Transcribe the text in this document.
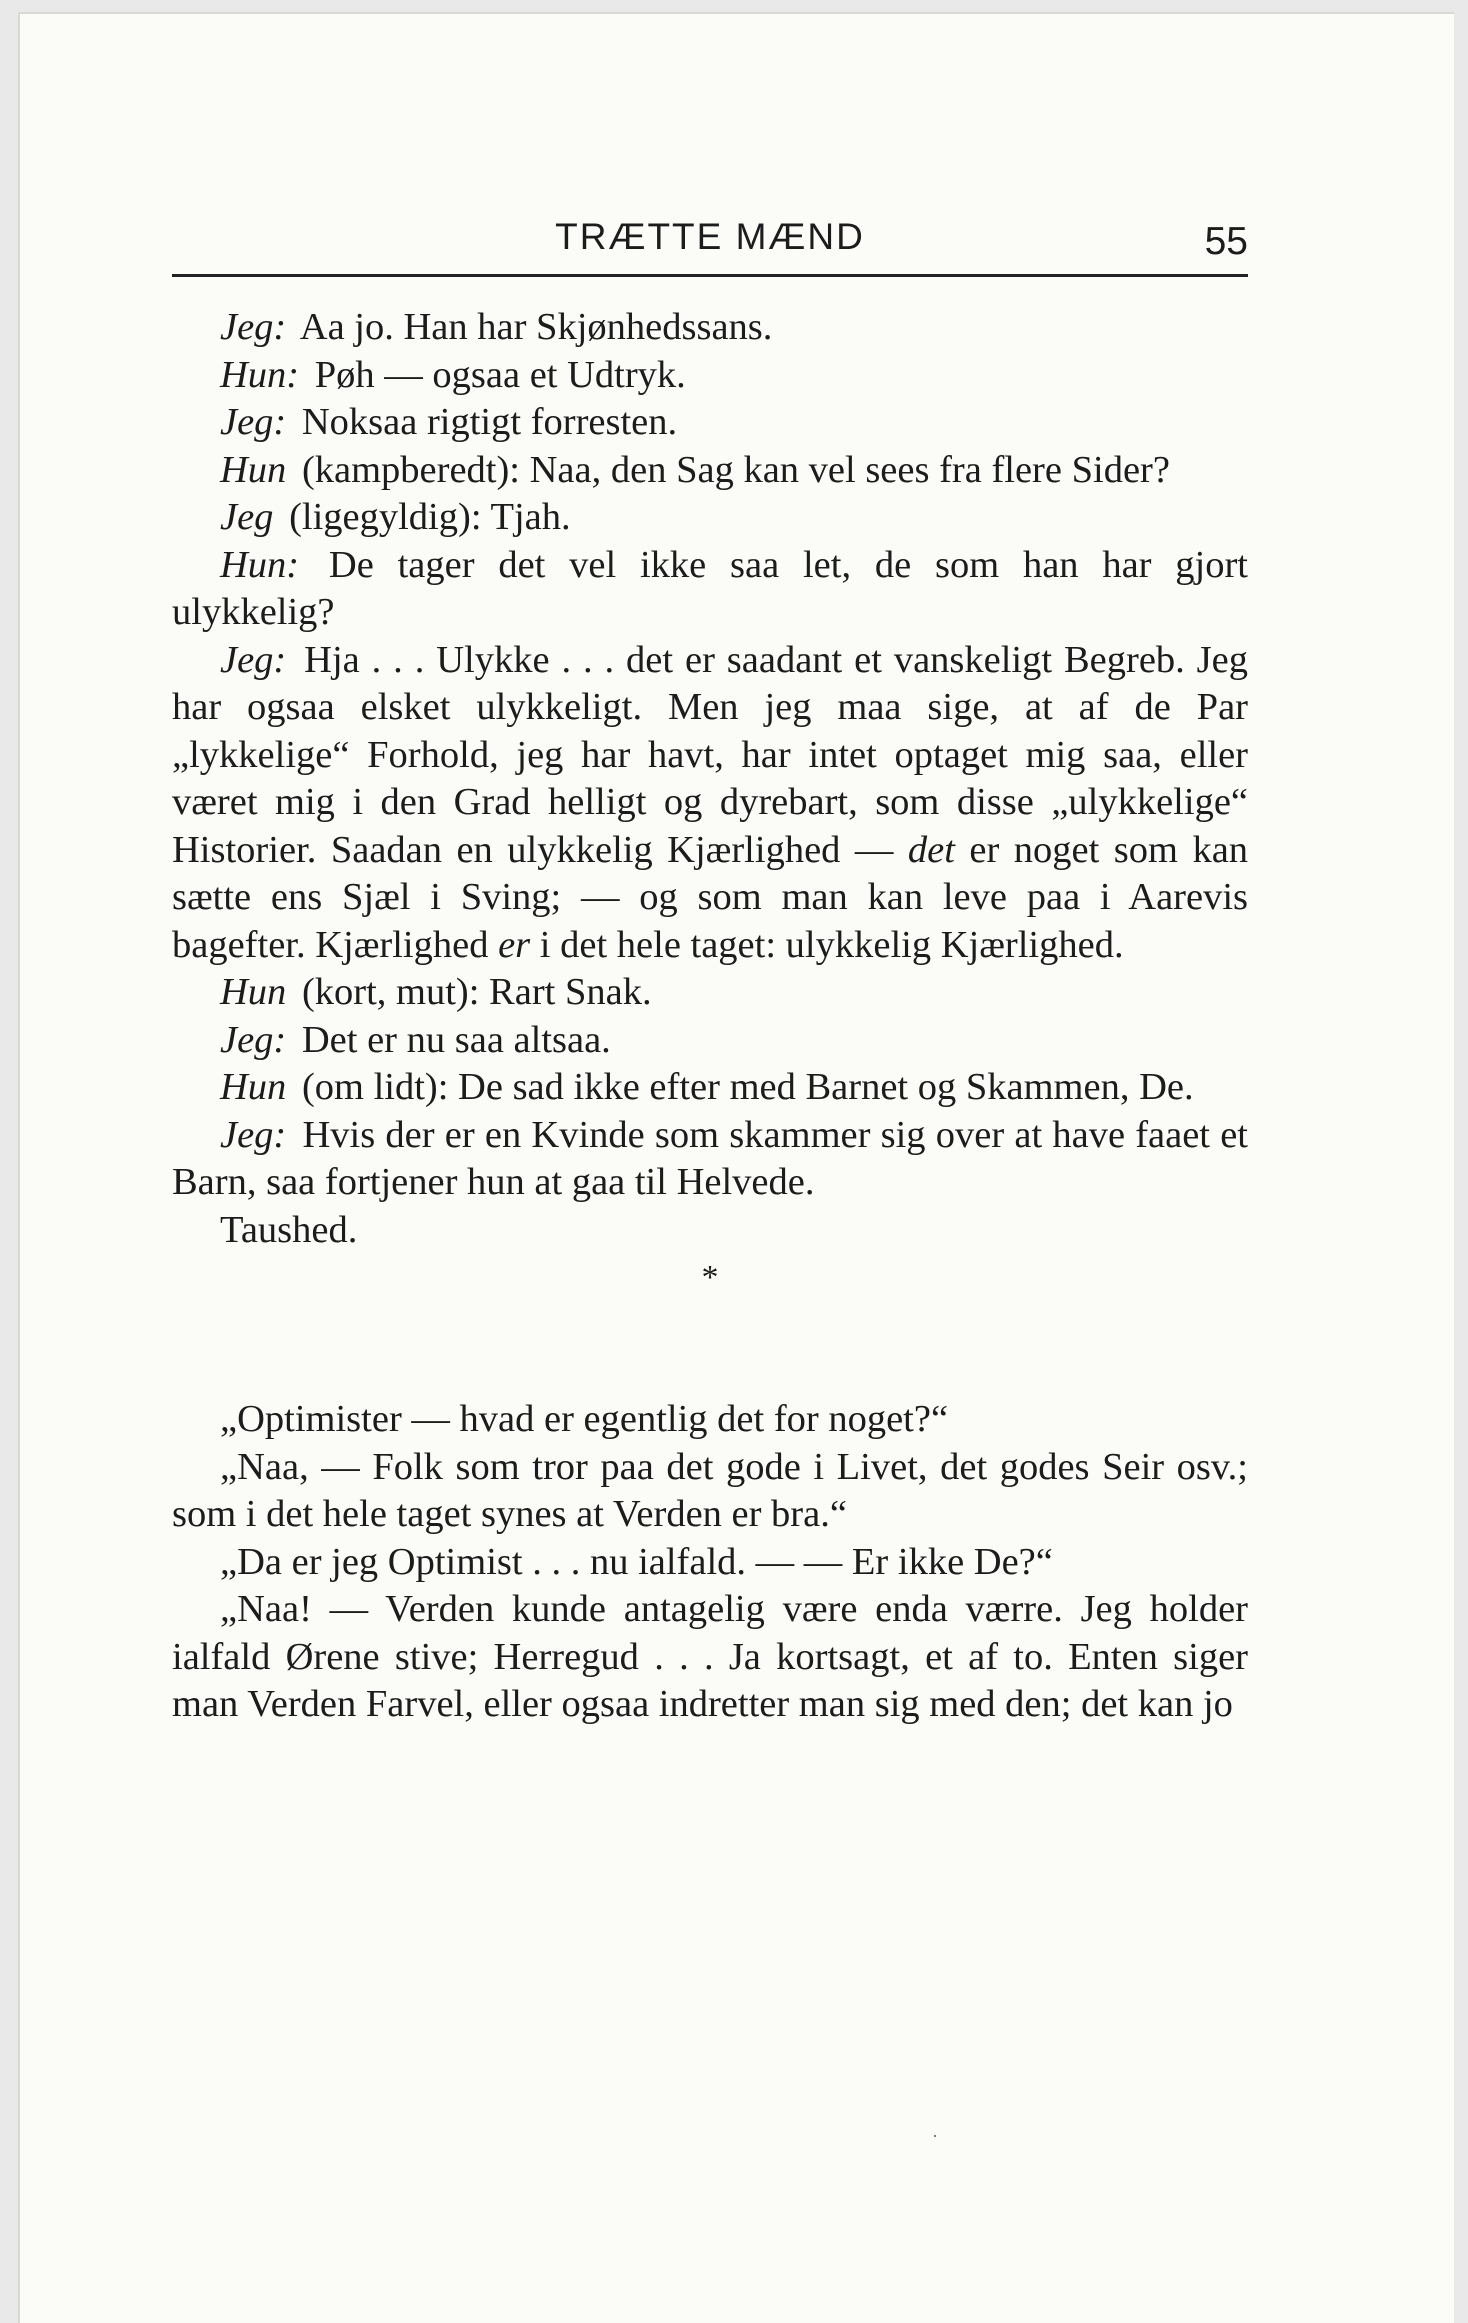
TRÆTTE MÆND	55

Jeg: Aa jo. Han har Skjønhedssans.

Hun: Pøh — ogsaa et Udtryk.

Jeg: Noksaa rigtigt forresten.

Hun (kampberedt): Naa, den Sag kan vel sees fra flere Sider?

Jeg (ligegyldig): Tjah.

Hun: De tager det vel ikke saa let, de som han har gjort ulykkelig?

Jeg: Hja . . . Ulykke . . . det er saadant et vanskeligt Begreb. Jeg har ogsaa elsket ulykkeligt. Men jeg maa sige, at af de Par „lykkelige“ Forhold, jeg har havt, har intet optaget mig saa, eller været mig i den Grad helligt og dyrebart, som disse „ulykkelige“ Historier. Saadan en ulykkelig Kjærlighed — det er noget som kan sætte ens Sjæl i Sving; — og som man kan leve paa i Aarevis bagefter. Kjærlighed er i det hele taget: ulykkelig Kjærlighed.

Hun (kort, mut): Rart Snak.

Jeg: Det er nu saa altsaa.

Hun (om lidt): De sad ikke efter med Barnet og Skammen, De.

Jeg: Hvis der er en Kvinde som skammer sig over at have faaet et Barn, saa fortjener hun at gaa til Helvede.

Taushed.

*

„Optimister — hvad er egentlig det for noget?“

„Naa, — Folk som tror paa det gode i Livet, det godes Seir osv.; som i det hele taget synes at Verden er bra.“

„Da er jeg Optimist . . . nu ialfald. — — Er ikke De?“

„Naa! — Verden kunde antagelig være enda værre. Jeg holder ialfald Ørene stive; Herregud . . . Ja kortsagt, et af to. Enten siger man Verden Farvel, eller ogsaa indretter man sig med den; det kan jo

·
